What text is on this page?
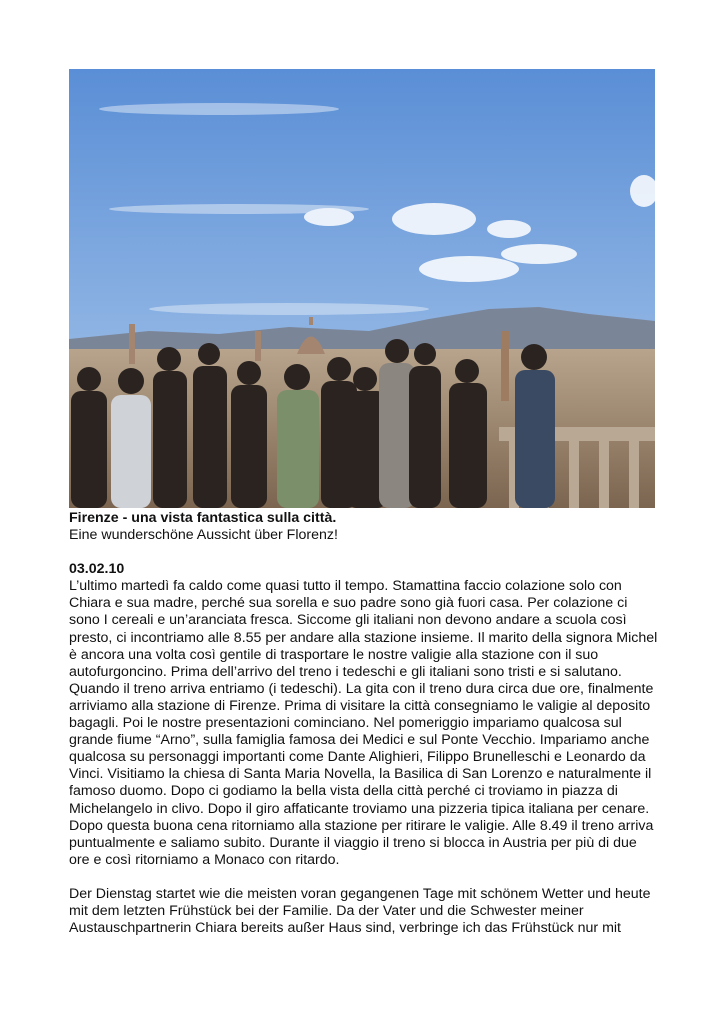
Firenze - una vista fantastica sulla città.
Eine wunderschöne Aussicht über Florenz!
03.02.10

L’ultimo martedì fa caldo come quasi tutto il tempo. Stamattina faccio colazione solo con Chiara e sua madre, perché sua sorella e suo padre sono già fuori casa. Per colazione ci sono I cereali e un’aranciata fresca. Siccome gli italiani non devono andare a scuola così presto, ci incontriamo alle 8.55 per andare alla stazione insieme. Il marito della signora Michel è ancora una volta così gentile di trasportare le nostre valigie alla stazione con il suo autofurgoncino. Prima dell’arrivo del treno i tedeschi e gli italiani sono tristi e si salutano. Quando il treno arriva entriamo (i tedeschi). La gita con il treno dura circa due ore, finalmente arriviamo alla stazione di Firenze. Prima di visitare la città consegniamo le valigie al deposito bagagli. Poi le nostre presentazioni cominciano. Nel pomeriggio impariamo qualcosa sul grande fiume “Arno”, sulla famiglia famosa dei Medici e sul Ponte Vecchio. Impariamo anche qualcosa su personaggi importanti come Dante Alighieri, Filippo Brunelleschi e Leonardo da Vinci. Visitiamo la chiesa di Santa Maria Novella, la Basilica di San Lorenzo e naturalmente il famoso duomo. Dopo ci godiamo la bella vista della città perché ci troviamo in piazza di Michelangelo in clivo. Dopo il giro affaticante troviamo una pizzeria tipica italiana per cenare. Dopo questa buona cena ritorniamo alla stazione per ritirare le valigie. Alle 8.49 il treno arriva puntualmente e saliamo subito. Durante il viaggio il treno si blocca in Austria per più di due ore e così ritorniamo a Monaco con ritardo.

Der Dienstag startet wie die meisten voran gegangenen Tage mit schönem Wetter und heute mit dem letzten Frühstück bei der Familie. Da der Vater und die Schwester meiner Austauschpartnerin Chiara bereits außer Haus sind, verbringe ich das Frühstück nur mit
